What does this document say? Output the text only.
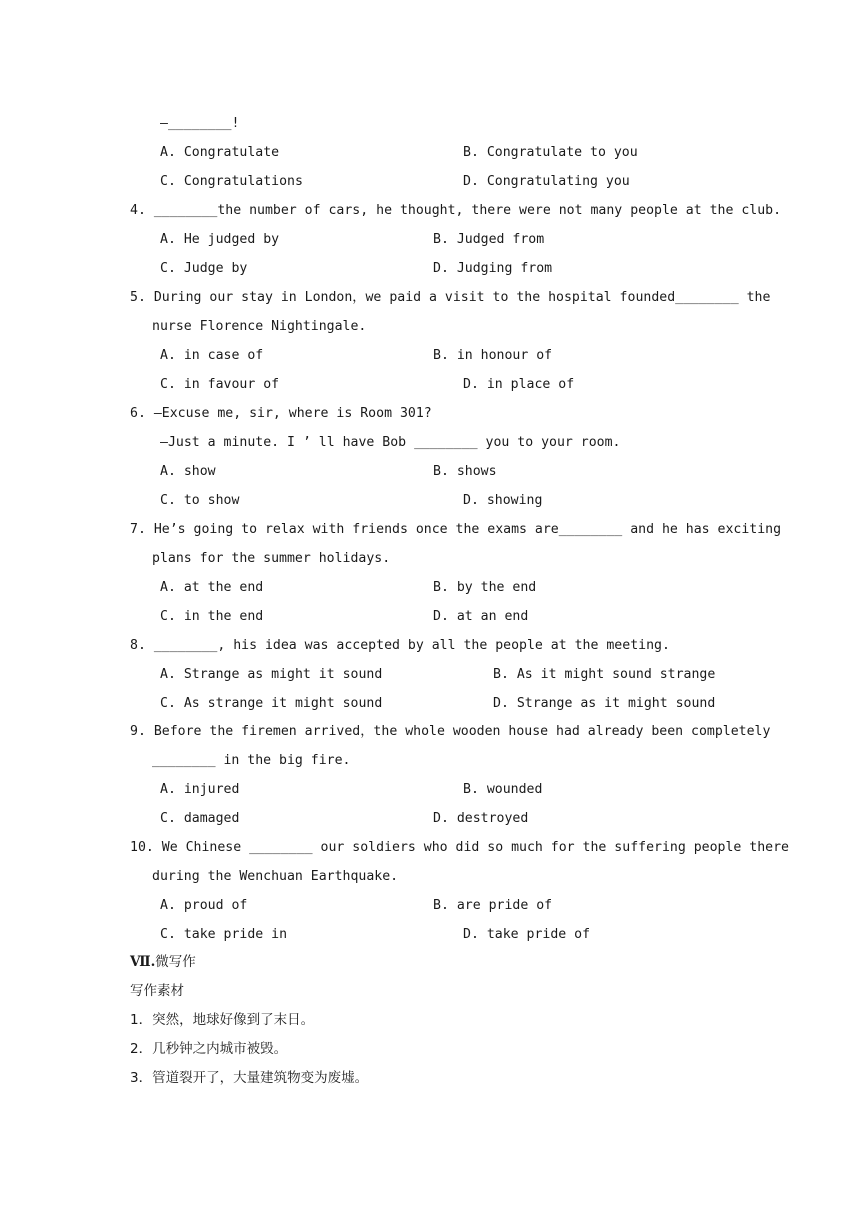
—________!
A. Congratulate	B. Congratulate to you
C. Congratulations	D. Congratulating you
4. ________the number of cars, he thought, there were not many people at the club.
A. He judged by	B. Judged from
C. Judge by	D. Judging from
5. During our stay in London，we paid a visit to the hospital founded________ the
nurse Florence Nightingale.
A. in case of	B. in honour of
C. in favour of	D. in place of
6. —Excuse me, sir, where is Room 301?
—Just a minute. I ’ ll have Bob ________ you to your room.
A. show	B. shows
C. to show	D. showing
7. He’s going to relax with friends once the exams are________ and he has exciting
plans for the summer holidays.
A. at the end	B. by the end
C. in the end	D. at an end
8. ________, his idea was accepted by all the people at the meeting.
A. Strange as might it sound	B. As it might sound strange
C. As strange it might sound	D. Strange as it might sound
9. Before the firemen arrived，the whole wooden house had already been completely
________ in the big fire.
A. injured	B. wounded
C. damaged	D. destroyed
10. We Chinese ________ our soldiers who did so much for the suffering people there
during the Wenchuan Earthquake.
A. proud of	B. are pride of
C. take pride in	D. take pride of
Ⅶ.微写作
写作素材
1．突然，地球好像到了末日。
2．几秒钟之内城市被毁。
3．管道裂开了，大量建筑物变为废墟。
